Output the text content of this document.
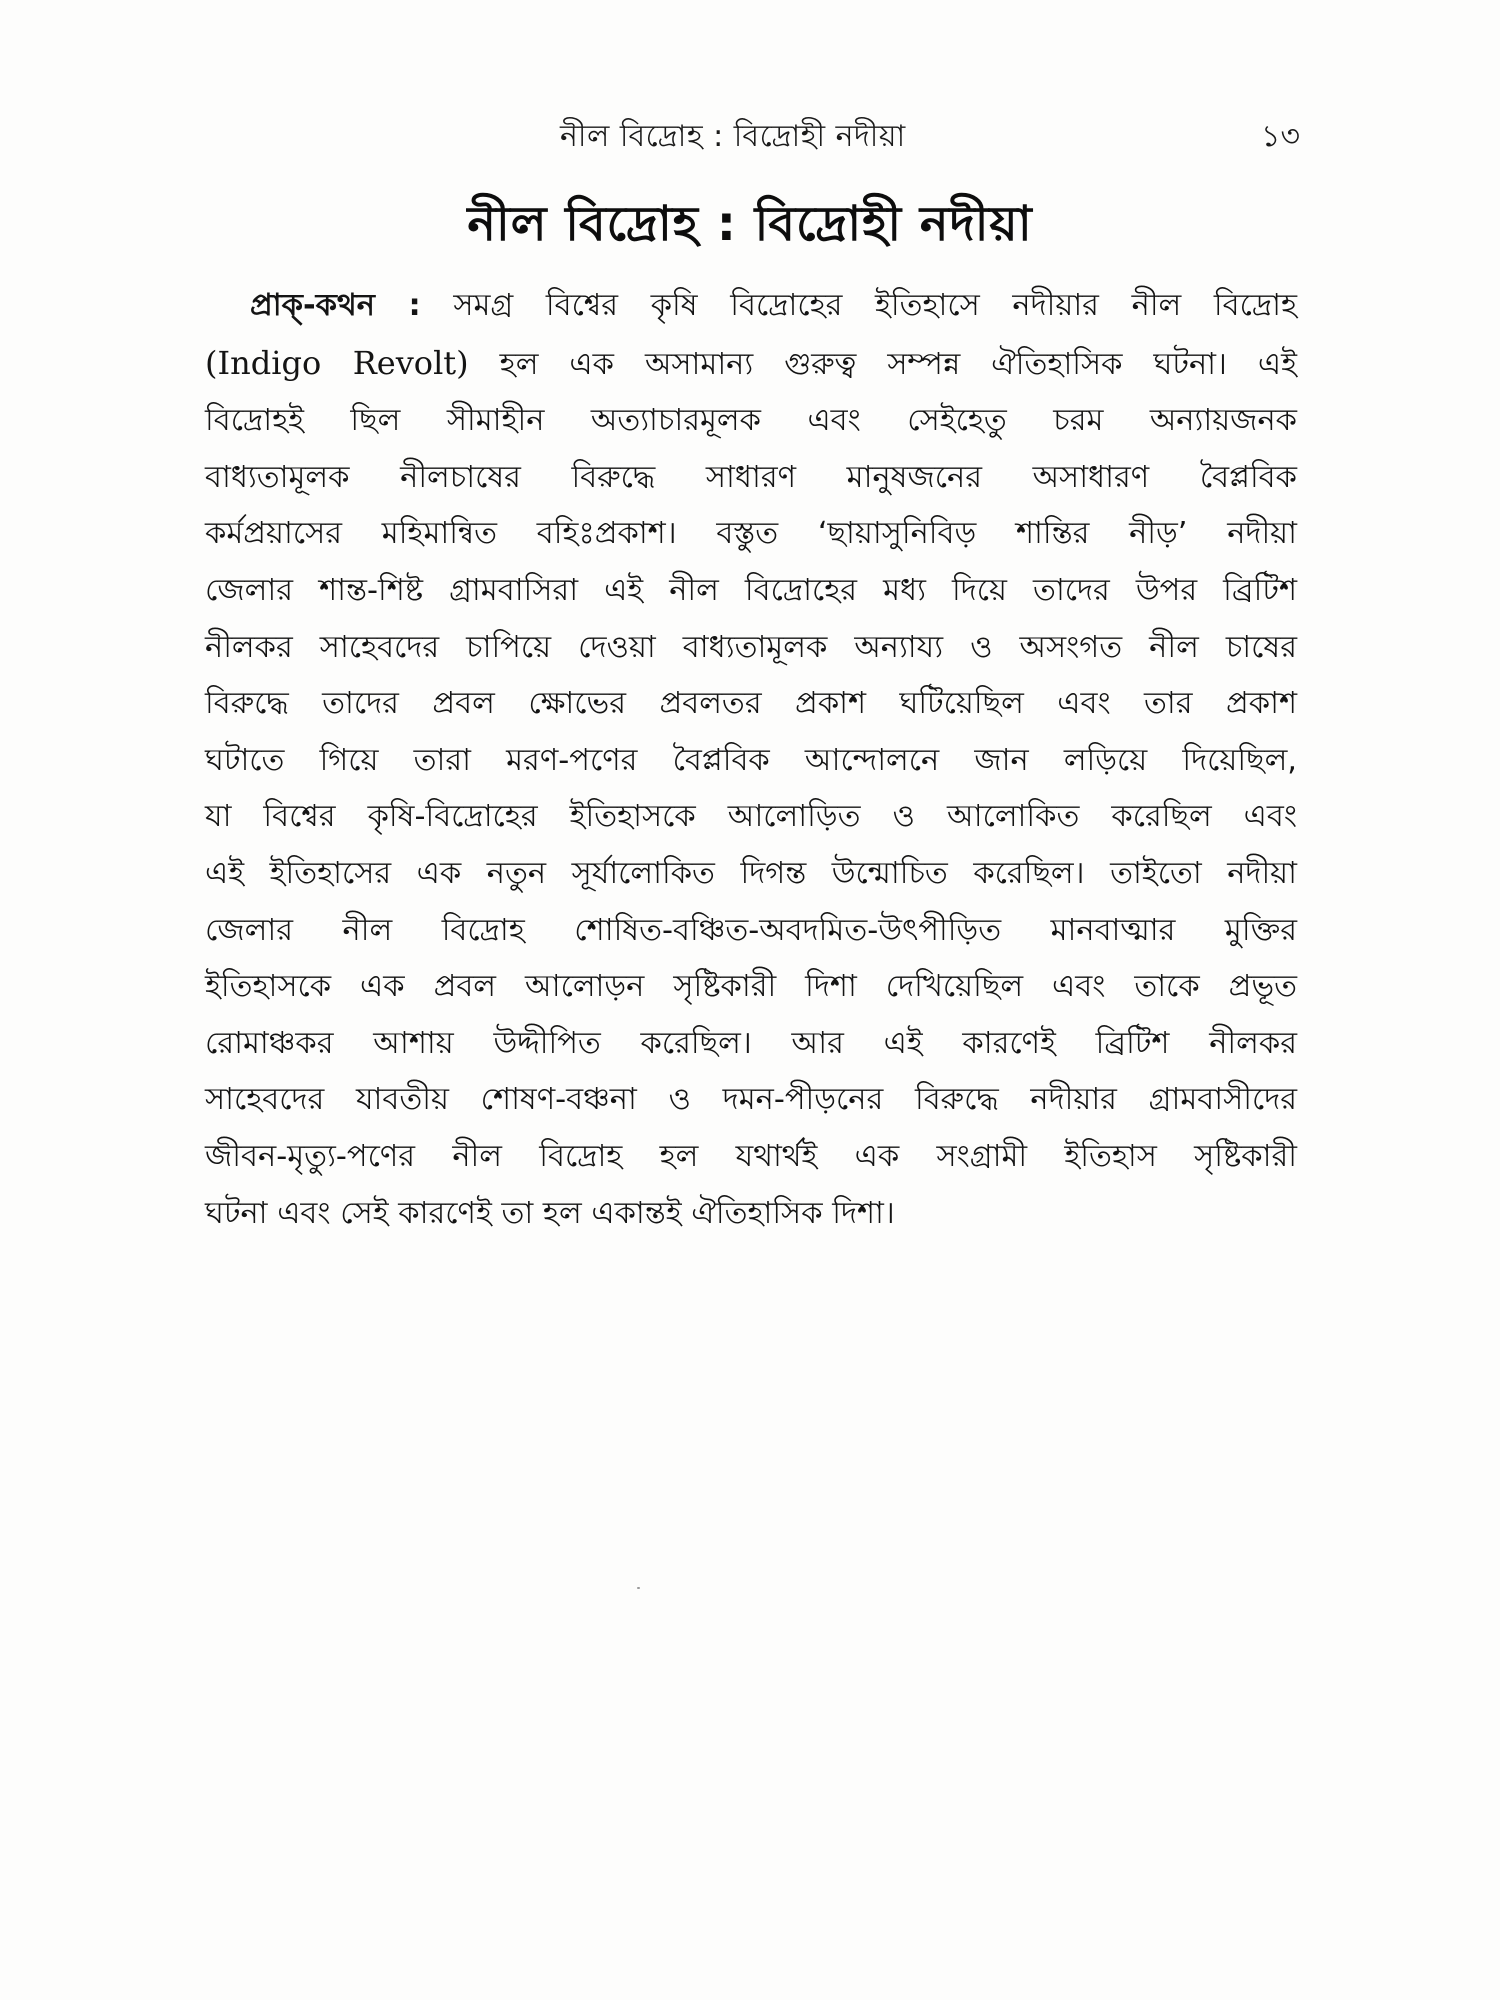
নীল বিদ্রোহ : বিদ্রোহী নদীয়া	১৩
নীল বিদ্রোহ : বিদ্রোহী নদীয়া
প্রাক্-কথন : সমগ্র বিশ্বের কৃষি বিদ্রোহের ইতিহাসে নদীয়ার নীল বিদ্রোহ
(Indigo Revolt) হল এক অসামান্য গুরুত্ব সম্পন্ন ঐতিহাসিক ঘটনা। এই
বিদ্রোহই ছিল সীমাহীন অত্যাচারমূলক এবং সেইহেতু চরম অন্যায়জনক
বাধ্যতামূলক নীলচাষের বিরুদ্ধে সাধারণ মানুষজনের অসাধারণ বৈপ্লবিক
কর্মপ্রয়াসের মহিমান্বিত বহিঃপ্রকাশ। বস্তুত ‘ছায়াসুনিবিড় শান্তির নীড়’ নদীয়া
জেলার শান্ত-শিষ্ট গ্রামবাসিরা এই নীল বিদ্রোহের মধ্য দিয়ে তাদের উপর ব্রিটিশ
নীলকর সাহেবদের চাপিয়ে দেওয়া বাধ্যতামূলক অন্যায্য ও অসংগত নীল চাষের
বিরুদ্ধে তাদের প্রবল ক্ষোভের প্রবলতর প্রকাশ ঘটিয়েছিল এবং তার প্রকাশ
ঘটাতে গিয়ে তারা মরণ-পণের বৈপ্লবিক আন্দোলনে জান লড়িয়ে দিয়েছিল,
যা বিশ্বের কৃষি-বিদ্রোহের ইতিহাসকে আলোড়িত ও আলোকিত করেছিল এবং
এই ইতিহাসের এক নতুন সূর্যালোকিত দিগন্ত উন্মোচিত করেছিল। তাইতো নদীয়া
জেলার নীল বিদ্রোহ শোষিত-বঞ্চিত-অবদমিত-উৎপীড়িত মানবাত্মার মুক্তির
ইতিহাসকে এক প্রবল আলোড়ন সৃষ্টিকারী দিশা দেখিয়েছিল এবং তাকে প্রভূত
রোমাঞ্চকর আশায় উদ্দীপিত করেছিল। আর এই কারণেই ব্রিটিশ নীলকর
সাহেবদের যাবতীয় শোষণ-বঞ্চনা ও দমন-পীড়নের বিরুদ্ধে নদীয়ার গ্রামবাসীদের
জীবন-মৃত্যু-পণের নীল বিদ্রোহ হল যথার্থই এক সংগ্রামী ইতিহাস সৃষ্টিকারী
ঘটনা এবং সেই কারণেই তা হল একান্তই ঐতিহাসিক দিশা।
